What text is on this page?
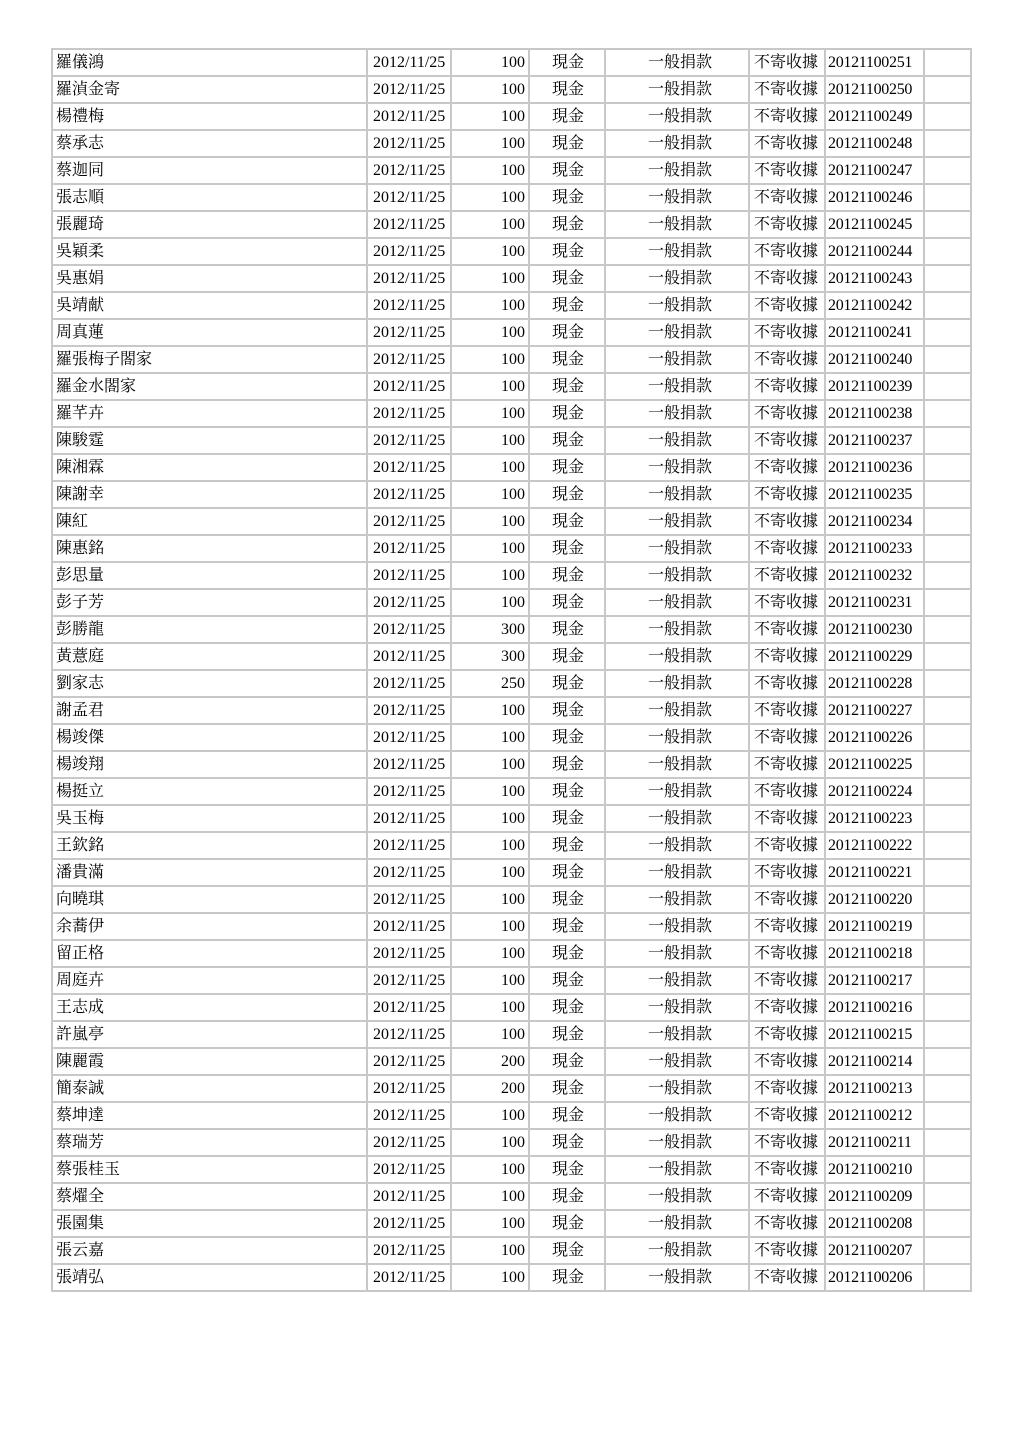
羅儀鴻	2012/11/25	100	現金	一般捐款	不寄收據	20121100251	
羅湞金寄	2012/11/25	100	現金	一般捐款	不寄收據	20121100250	
楊禮梅	2012/11/25	100	現金	一般捐款	不寄收據	20121100249	
蔡承志	2012/11/25	100	現金	一般捐款	不寄收據	20121100248	
蔡迦同	2012/11/25	100	現金	一般捐款	不寄收據	20121100247	
張志順	2012/11/25	100	現金	一般捐款	不寄收據	20121100246	
張麗琦	2012/11/25	100	現金	一般捐款	不寄收據	20121100245	
吳穎柔	2012/11/25	100	現金	一般捐款	不寄收據	20121100244	
吳惠娟	2012/11/25	100	現金	一般捐款	不寄收據	20121100243	
吳靖献	2012/11/25	100	現金	一般捐款	不寄收據	20121100242	
周真蓮	2012/11/25	100	現金	一般捐款	不寄收據	20121100241	
羅張梅子閤家	2012/11/25	100	現金	一般捐款	不寄收據	20121100240	
羅金水閤家	2012/11/25	100	現金	一般捐款	不寄收據	20121100239	
羅芊卉	2012/11/25	100	現金	一般捐款	不寄收據	20121100238	
陳駿霆	2012/11/25	100	現金	一般捐款	不寄收據	20121100237	
陳湘霖	2012/11/25	100	現金	一般捐款	不寄收據	20121100236	
陳謝幸	2012/11/25	100	現金	一般捐款	不寄收據	20121100235	
陳紅	2012/11/25	100	現金	一般捐款	不寄收據	20121100234	
陳惠銘	2012/11/25	100	現金	一般捐款	不寄收據	20121100233	
彭思量	2012/11/25	100	現金	一般捐款	不寄收據	20121100232	
彭子芳	2012/11/25	100	現金	一般捐款	不寄收據	20121100231	
彭勝龍	2012/11/25	300	現金	一般捐款	不寄收據	20121100230	
黃薏庭	2012/11/25	300	現金	一般捐款	不寄收據	20121100229	
劉家志	2012/11/25	250	現金	一般捐款	不寄收據	20121100228	
謝孟君	2012/11/25	100	現金	一般捐款	不寄收據	20121100227	
楊竣傑	2012/11/25	100	現金	一般捐款	不寄收據	20121100226	
楊竣翔	2012/11/25	100	現金	一般捐款	不寄收據	20121100225	
楊挺立	2012/11/25	100	現金	一般捐款	不寄收據	20121100224	
吳玉梅	2012/11/25	100	現金	一般捐款	不寄收據	20121100223	
王欽銘	2012/11/25	100	現金	一般捐款	不寄收據	20121100222	
潘貴滿	2012/11/25	100	現金	一般捐款	不寄收據	20121100221	
向曉琪	2012/11/25	100	現金	一般捐款	不寄收據	20121100220	
余蕎伊	2012/11/25	100	現金	一般捐款	不寄收據	20121100219	
留正格	2012/11/25	100	現金	一般捐款	不寄收據	20121100218	
周庭卉	2012/11/25	100	現金	一般捐款	不寄收據	20121100217	
王志成	2012/11/25	100	現金	一般捐款	不寄收據	20121100216	
許嵐亭	2012/11/25	100	現金	一般捐款	不寄收據	20121100215	
陳麗霞	2012/11/25	200	現金	一般捐款	不寄收據	20121100214	
簡泰誠	2012/11/25	200	現金	一般捐款	不寄收據	20121100213	
蔡坤達	2012/11/25	100	現金	一般捐款	不寄收據	20121100212	
蔡瑞芳	2012/11/25	100	現金	一般捐款	不寄收據	20121100211	
蔡張桂玉	2012/11/25	100	現金	一般捐款	不寄收據	20121100210	
蔡燿全	2012/11/25	100	現金	一般捐款	不寄收據	20121100209	
張園集	2012/11/25	100	現金	一般捐款	不寄收據	20121100208	
張云嘉	2012/11/25	100	現金	一般捐款	不寄收據	20121100207	
張靖弘	2012/11/25	100	現金	一般捐款	不寄收據	20121100206	
